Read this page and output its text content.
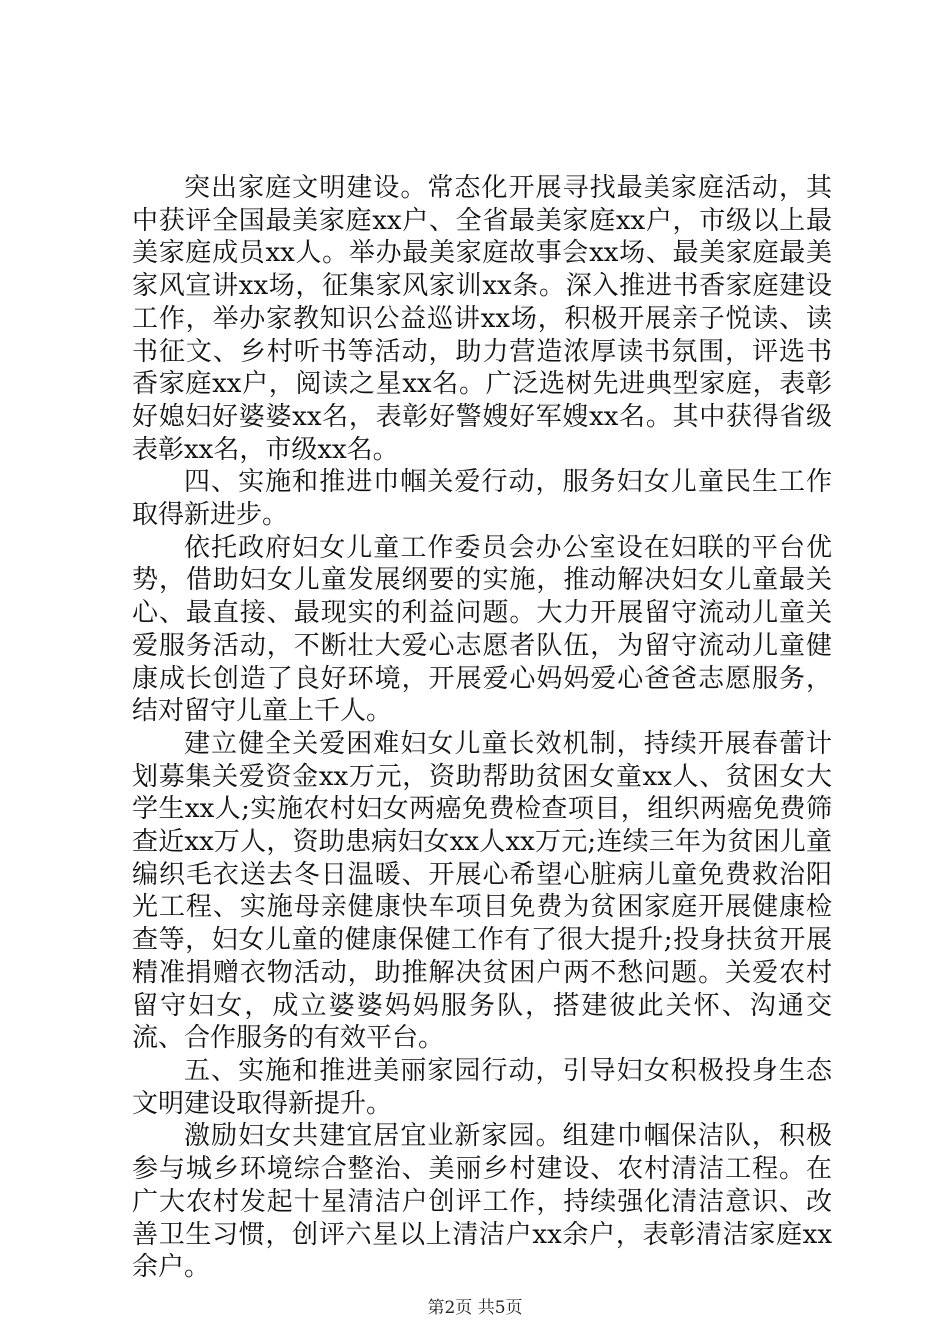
突出家庭文明建设。常态化开展寻找最美家庭活动，其中获评全国最美家庭xx户、全省最美家庭xx户，市级以上最美家庭成员xx人。举办最美家庭故事会xx场、最美家庭最美家风宣讲xx场，征集家风家训xx条。深入推进书香家庭建设工作，举办家教知识公益巡讲xx场，积极开展亲子悦读、读书征文、乡村听书等活动，助力营造浓厚读书氛围，评选书香家庭xx户，阅读之星xx名。广泛选树先进典型家庭，表彰好媳妇好婆婆xx名，表彰好警嫂好军嫂xx名。其中获得省级表彰xx名，市级xx名。

四、实施和推进巾帼关爱行动，服务妇女儿童民生工作取得新进步。

依托政府妇女儿童工作委员会办公室设在妇联的平台优势，借助妇女儿童发展纲要的实施，推动解决妇女儿童最关心、最直接、最现实的利益问题。大力开展留守流动儿童关爱服务活动，不断壮大爱心志愿者队伍，为留守流动儿童健康成长创造了良好环境，开展爱心妈妈爱心爸爸志愿服务，结对留守儿童上千人。

建立健全关爱困难妇女儿童长效机制，持续开展春蕾计划募集关爱资金xx万元，资助帮助贫困女童xx人、贫困女大学生xx人;实施农村妇女两癌免费检查项目，组织两癌免费筛查近xx万人，资助患病妇女xx人xx万元;连续三年为贫困儿童编织毛衣送去冬日温暖、开展心希望心脏病儿童免费救治阳光工程、实施母亲健康快车项目免费为贫困家庭开展健康检查等，妇女儿童的健康保健工作有了很大提升;投身扶贫开展精准捐赠衣物活动，助推解决贫困户两不愁问题。关爱农村留守妇女，成立婆婆妈妈服务队，搭建彼此关怀、沟通交流、合作服务的有效平台。

五、实施和推进美丽家园行动，引导妇女积极投身生态文明建设取得新提升。

激励妇女共建宜居宜业新家园。组建巾帼保洁队，积极参与城乡环境综合整治、美丽乡村建设、农村清洁工程。在广大农村发起十星清洁户创评工作，持续强化清洁意识、改善卫生习惯，创评六星以上清洁户xx余户，表彰清洁家庭xx余户。

第2页 共5页
